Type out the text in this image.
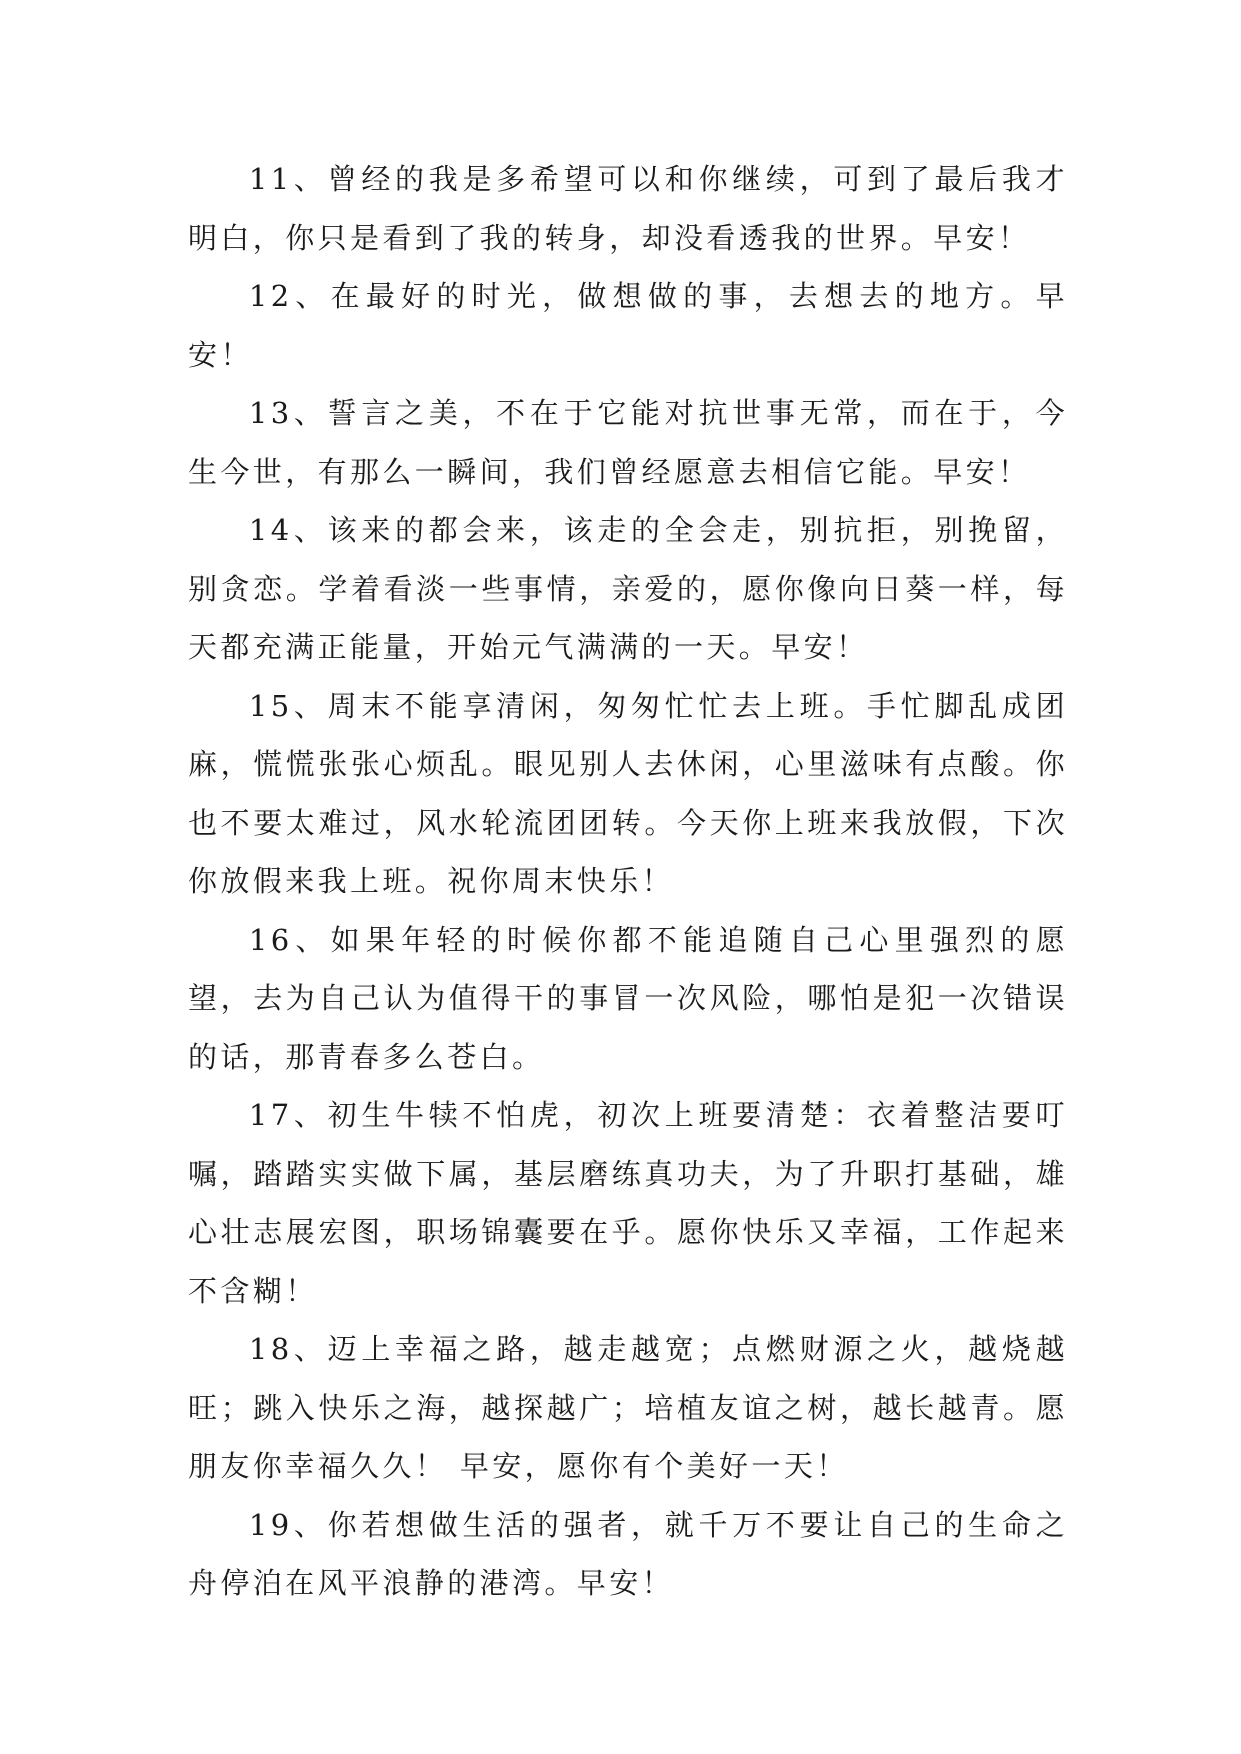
11、曾经的我是多希望可以和你继续，可到了最后我才明白，你只是看到了我的转身，却没看透我的世界。早安！

12、在最好的时光，做想做的事，去想去的地方。早安！

13、誓言之美，不在于它能对抗世事无常，而在于，今生今世，有那么一瞬间，我们曾经愿意去相信它能。早安！

14、该来的都会来，该走的全会走，别抗拒，别挽留，别贪恋。学着看淡一些事情，亲爱的，愿你像向日葵一样，每天都充满正能量，开始元气满满的一天。早安！

15、周末不能享清闲，匆匆忙忙去上班。手忙脚乱成团麻，慌慌张张心烦乱。眼见别人去休闲，心里滋味有点酸。你也不要太难过，风水轮流团团转。今天你上班来我放假，下次你放假来我上班。祝你周末快乐！

16、如果年轻的时候你都不能追随自己心里强烈的愿望，去为自己认为值得干的事冒一次风险，哪怕是犯一次错误的话，那青春多么苍白。

17、初生牛犊不怕虎，初次上班要清楚：衣着整洁要叮嘱，踏踏实实做下属，基层磨练真功夫，为了升职打基础，雄心壮志展宏图，职场锦囊要在乎。愿你快乐又幸福，工作起来不含糊！

18、迈上幸福之路，越走越宽；点燃财源之火，越烧越旺；跳入快乐之海，越探越广；培植友谊之树，越长越青。愿朋友你幸福久久！ 早安，愿你有个美好一天！

19、你若想做生活的强者，就千万不要让自己的生命之舟停泊在风平浪静的港湾。早安！
